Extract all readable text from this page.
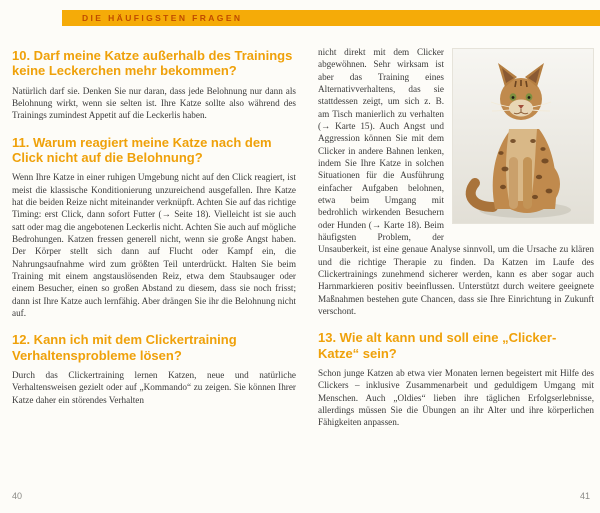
DIE HÄUFIGSTEN FRAGEN
10. Darf meine Katze außerhalb des Trainings keine Leckerchen mehr bekommen?

Natürlich darf sie. Denken Sie nur daran, dass jede Belohnung nur dann als Belohnung wirkt, wenn sie selten ist. Ihre Katze sollte also während des Trainings zumindest Appetit auf die Leckerlis haben.

11. Warum reagiert meine Katze nach dem Click nicht auf die Belohnung?

Wenn Ihre Katze in einer ruhigen Umgebung nicht auf den Click reagiert, ist meist die klassische Konditionierung unzureichend ausgefallen. Ihre Katze hat die beiden Reize nicht miteinander verknüpft. Achten Sie auf das richtige Timing: erst Click, dann sofort Futter (→ Seite 18). Vielleicht ist sie auch satt oder mag die angebotenen Leckerlis nicht. Achten Sie auch auf mögliche Bedrohungen. Katzen fressen generell nicht, wenn sie große Angst haben. Der Körper stellt sich dann auf Flucht oder Kampf ein, die Nahrungsaufnahme wird zum größten Teil unterdrückt. Halten Sie beim Training mit einem angstauslösenden Reiz, etwa dem Staubsauger oder einem Besucher, einen so großen Abstand zu diesem, dass sie noch frisst; dann ist Ihre Katze auch lernfähig. Aber drängen Sie ihr die Belohnung nicht auf.

12. Kann ich mit dem Clickertraining Verhaltensprobleme lösen?

Durch das Clickertraining lernen Katzen, neue und natürliche Verhaltensweisen gezielt oder auf „Kommando“ zu zeigen. Sie können Ihrer Katze daher ein störendes Verhalten

nicht direkt mit dem Clicker abgewöhnen. Sehr wirksam ist aber das Training eines Alternativverhaltens, das sie stattdessen zeigt, um sich z. B. am Tisch manierlich zu verhalten (→ Karte 15). Auch Angst und Aggression können Sie mit dem Clicker in andere Bahnen lenken, indem Sie Ihre Katze in solchen Situationen für die Ausführung einfacher Aufgaben belohnen, etwa beim Umgang mit bedrohlich wirkenden Besuchern oder Hunden (→ Karte 18). Beim häufigsten Problem, der Unsauberkeit, ist eine genaue Analyse sinnvoll, um die Ursache zu klären und die richtige Therapie zu finden. Da Katzen im Laufe des Clickertrainings zunehmend sicherer werden, kann es aber sogar auch Harnmarkieren positiv beeinflussen. Unterstützt durch weitere geeignete Maßnahmen bestehen gute Chancen, dass sie Ihre Einrichtung in Zukunft verschont.

13. Wie alt kann und soll eine „Clicker-Katze“ sein?

Schon junge Katzen ab etwa vier Monaten lernen begeistert mit Hilfe des Clickers – inklusive Zusammenarbeit und geduldigem Umgang mit Menschen. Auch „Oldies“ lieben ihre täglichen Erfolgserlebnisse, allerdings müssen Sie die Übungen an ihr Alter und ihre körperlichen Fähigkeiten anpassen.

40	41
